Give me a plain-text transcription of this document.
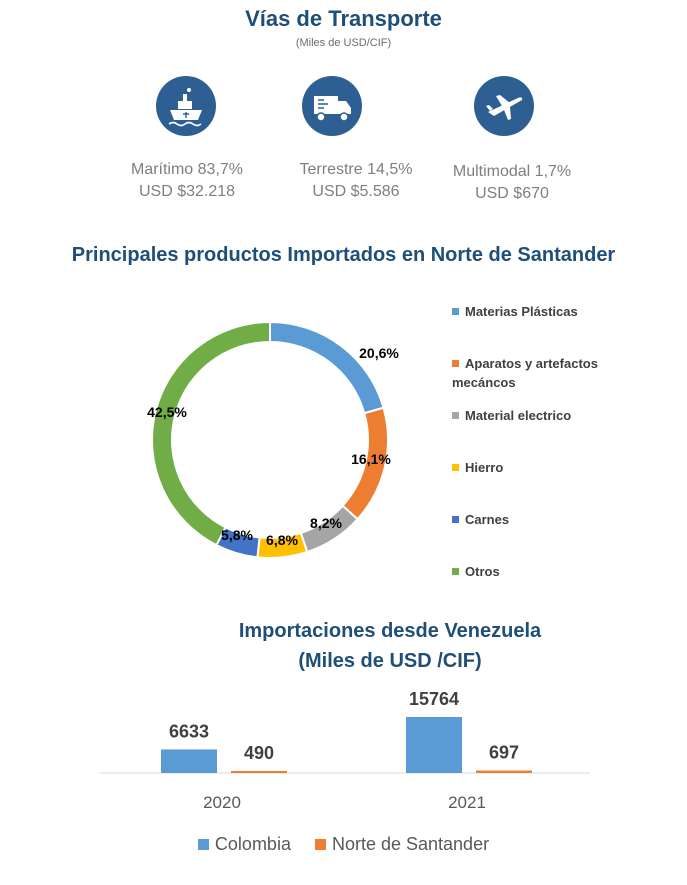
Vías de Transporte
(Miles de USD/CIF)
Marítimo 83,7%
USD $32.218
Terrestre 14,5%
USD $5.586
Multimodal 1,7%
USD $670
Principales productos Importados en Norte de Santander
20,6%
16,1%
8,2%
6,8%
5,8%
42,5%
Materias Plásticas
Aparatos y artefactos mecáncos
Material electrico
Hierro
Carnes
Otros
Importaciones desde Venezuela
(Miles de USD /CIF)
6633
15764
490	697
2020	2021
Colombia Norte de Santander
